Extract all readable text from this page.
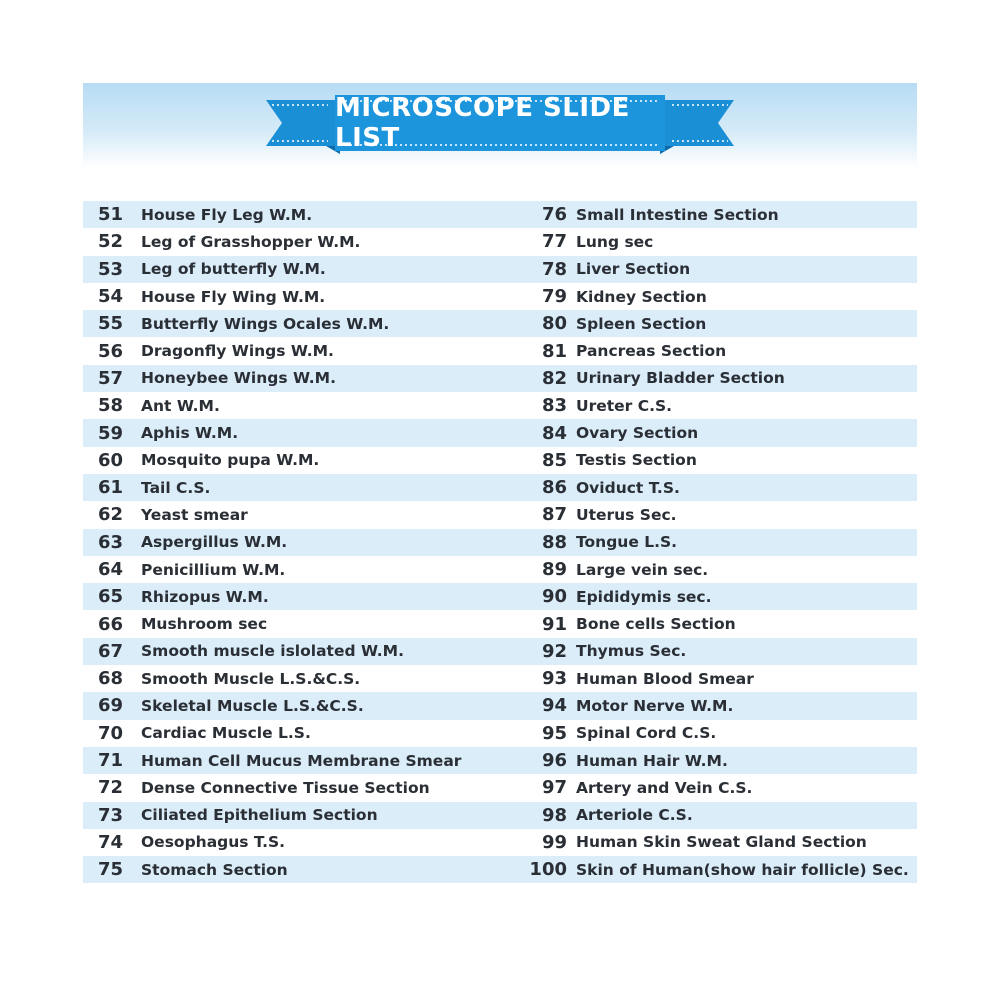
MICROSCOPE SLIDE LIST
51 House Fly Leg W.M.	76 Small Intestine Section
52 Leg of Grasshopper W.M.	77 Lung sec
53 Leg of butterfly W.M.	78 Liver Section
54 House Fly Wing W.M.	79 Kidney Section
55 Butterfly Wings Ocales W.M.	80 Spleen Section
56 Dragonfly Wings W.M.	81 Pancreas Section
57 Honeybee Wings W.M.	82 Urinary Bladder Section
58 Ant W.M.	83 Ureter C.S.
59 Aphis W.M.	84 Ovary Section
60 Mosquito pupa W.M.	85 Testis Section
61 Tail C.S.	86 Oviduct T.S.
62 Yeast smear	87 Uterus Sec.
63 Aspergillus W.M.	88 Tongue L.S.
64 Penicillium W.M.	89 Large vein sec.
65 Rhizopus W.M.	90 Epididymis sec.
66 Mushroom sec	91 Bone cells Section
67 Smooth muscle islolated W.M.	92 Thymus Sec.
68 Smooth Muscle L.S.&C.S.	93 Human Blood Smear
69 Skeletal Muscle L.S.&C.S.	94 Motor Nerve W.M.
70 Cardiac Muscle L.S.	95 Spinal Cord C.S.
71 Human Cell Mucus Membrane Smear	96 Human Hair W.M.
72 Dense Connective Tissue Section	97 Artery and Vein C.S.
73 Ciliated Epithelium Section	98 Arteriole C.S.
74 Oesophagus T.S.	99 Human Skin Sweat Gland Section
75 Stomach Section	100 Skin of Human(show hair follicle) Sec.
